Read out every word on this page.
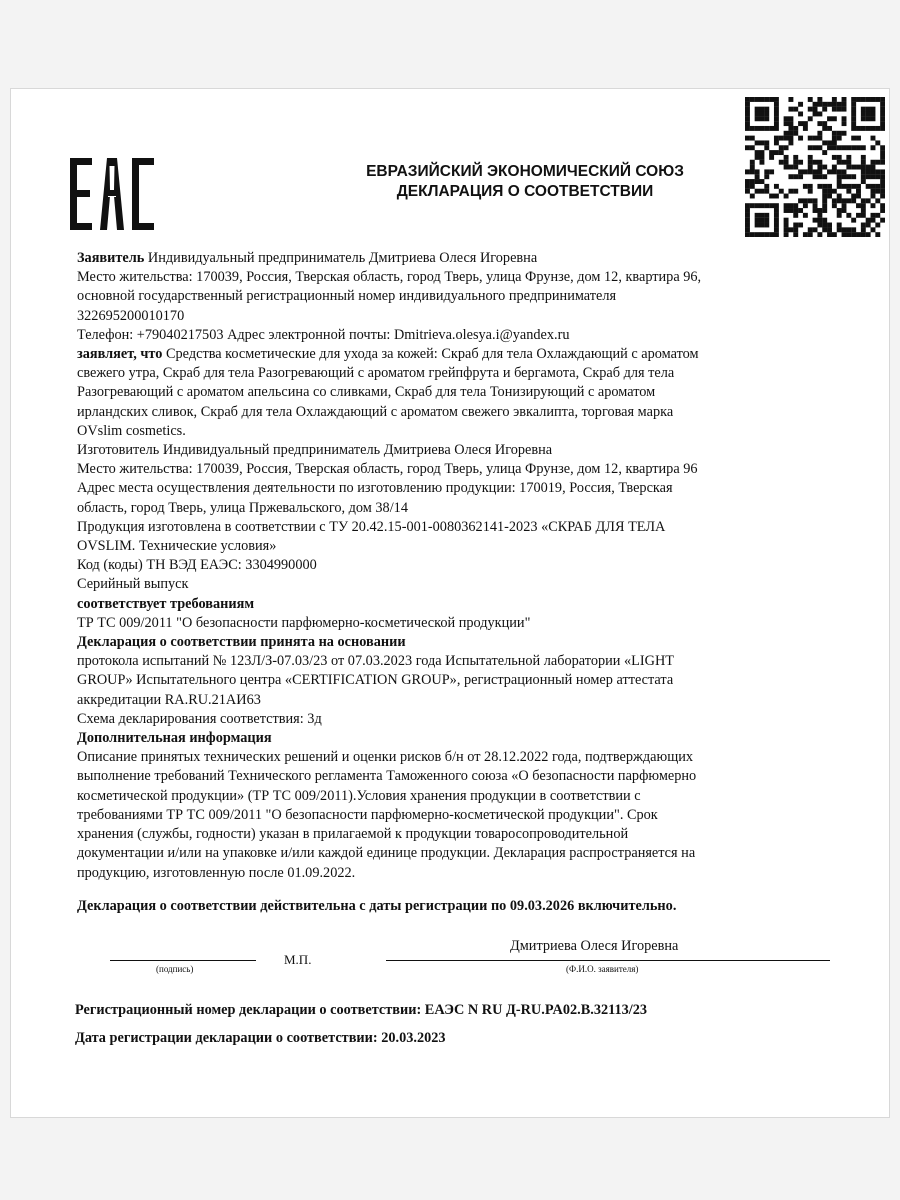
ЕВРАЗИЙСКИЙ ЭКОНОМИЧЕСКИЙ СОЮЗ
ДЕКЛАРАЦИЯ О СООТВЕТСТВИИ
Заявитель Индивидуальный предприниматель Дмитриева Олеся Игоревна
Место жительства: 170039, Россия, Тверская область, город Тверь, улица Фрунзе, дом 12, квартира 96,
основной государственный регистрационный номер индивидуального предпринимателя
322695200010170
Телефон: +79040217503 Адрес электронной почты: Dmitrieva.olesya.i@yandex.ru
заявляет, что Средства косметические для ухода за кожей: Скраб для тела Охлаждающий с ароматом
свежего утра, Скраб для тела Разогревающий с ароматом грейпфрута и бергамота, Скраб для тела
Разогревающий с ароматом апельсина со сливками, Скраб для тела Тонизирующий с ароматом
ирландских сливок, Скраб для тела Охлаждающий с ароматом свежего эвкалипта, торговая марка
OVslim cosmetics.
Изготовитель Индивидуальный предприниматель Дмитриева Олеся Игоревна
Место жительства: 170039, Россия, Тверская область, город Тверь, улица Фрунзе, дом 12, квартира 96
Адрес места осуществления деятельности по изготовлению продукции: 170019, Россия, Тверская
область, город Тверь, улица Пржевальского, дом 38/14
Продукция изготовлена в соответствии с ТУ 20.42.15-001-0080362141-2023 «СКРАБ ДЛЯ ТЕЛА
OVSLIM. Технические условия»
Код (коды) ТН ВЭД ЕАЭС: 3304990000
Серийный выпуск
соответствует требованиям
ТР ТС 009/2011 "О безопасности парфюмерно-косметической продукции"
Декларация о соответствии принята на основании
протокола испытаний № 123Л/З-07.03/23 от 07.03.2023 года Испытательной лаборатории «LIGHT
GROUP» Испытательного центра «CERTIFICATION GROUP», регистрационный номер аттестата
аккредитации RA.RU.21АИ63
Схема декларирования соответствия: 3д
Дополнительная информация
Описание принятых технических решений и оценки рисков б/н от 28.12.2022 года, подтверждающих
выполнение требований Технического регламента Таможенного союза «О безопасности парфюмерно
косметической продукции» (ТР ТС 009/2011).Условия хранения продукции в соответствии с
требованиями ТР ТС 009/2011 "О безопасности парфюмерно-косметической продукции". Срок
хранения (службы, годности) указан в прилагаемой к продукции товаросопроводительной
документации и/или на упаковке и/или каждой единице продукции. Декларация распространяется на
продукцию, изготовленную после 01.09.2022.
Декларация о соответствии действительна с даты регистрации по 09.03.2026 включительно.
(подпись)
М.П.
Дмитриева Олеся Игоревна
(Ф.И.О. заявителя)
Регистрационный номер декларации о соответствии: ЕАЭС N RU Д-RU.PA02.B.32113/23
Дата регистрации декларации о соответствии: 20.03.2023
